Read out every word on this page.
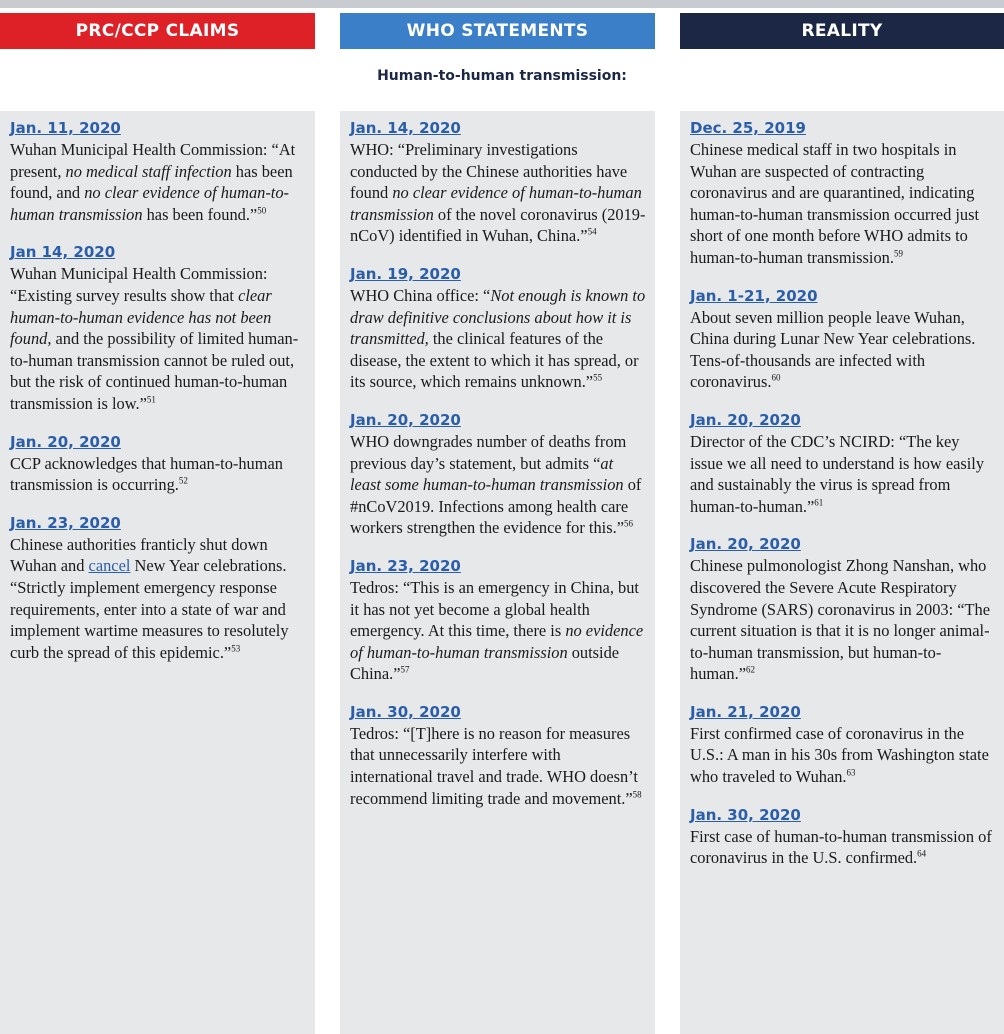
PRC/CCP CLAIMS	WHO STATEMENTS	REALITY
Human-to-human transmission:
Jan. 11, 2020
Wuhan Municipal Health Commission: “At present, no medical staff infection has been found, and no clear evidence of human-to-human transmission has been found.”$^{50}$
Jan 14, 2020
Wuhan Municipal Health Commission: “Existing survey results show that clear human-to-human evidence has not been found, and the possibility of limited human-to-human transmission cannot be ruled out, but the risk of continued human-to-human transmission is low.”$^{51}$
Jan. 20, 2020
CCP acknowledges that human-to-human transmission is occurring.$^{52}$
Jan. 23, 2020
Chinese authorities franticly shut down Wuhan and cancel New Year celebrations. “Strictly implement emergency response requirements, enter into a state of war and implement wartime measures to resolutely curb the spread of this epidemic.”$^{53}$
Jan. 14, 2020
WHO: “Preliminary investigations conducted by the Chinese authorities have found no clear evidence of human-to-human transmission of the novel coronavirus (2019-nCoV) identified in Wuhan, China.”$^{54}$
Jan. 19, 2020
WHO China office: “Not enough is known to draw definitive conclusions about how it is transmitted, the clinical features of the disease, the extent to which it has spread, or its source, which remains unknown.”$^{55}$
Jan. 20, 2020
WHO downgrades number of deaths from previous day’s statement, but admits “at least some human-to-human transmission of #nCoV2019. Infections among health care workers strengthen the evidence for this.”$^{56}$
Jan. 23, 2020
Tedros: “This is an emergency in China, but it has not yet become a global health emergency. At this time, there is no evidence of human-to-human transmission outside China.”$^{57}$
Jan. 30, 2020
Tedros: “[T]here is no reason for measures that unnecessarily interfere with international travel and trade. WHO doesn’t recommend limiting trade and movement.”$^{58}$
Dec. 25, 2019
Chinese medical staff in two hospitals in Wuhan are suspected of contracting coronavirus and are quarantined, indicating human-to-human transmission occurred just short of one month before WHO admits to human-to-human transmission.$^{59}$
Jan. 1-21, 2020
About seven million people leave Wuhan, China during Lunar New Year celebrations. Tens-of-thousands are infected with coronavirus.$^{60}$
Jan. 20, 2020
Director of the CDC’s NCIRD: “The key issue we all need to understand is how easily and sustainably the virus is spread from human-to-human.”$^{61}$
Jan. 20, 2020
Chinese pulmonologist Zhong Nanshan, who discovered the Severe Acute Respiratory Syndrome (SARS) coronavirus in 2003: “The current situation is that it is no longer animal-to-human transmission, but human-to-human.”$^{62}$
Jan. 21, 2020
First confirmed case of coronavirus in the U.S.: A man in his 30s from Washington state who traveled to Wuhan.$^{63}$
Jan. 30, 2020
First case of human-to-human transmission of coronavirus in the U.S. confirmed.$^{64}$
